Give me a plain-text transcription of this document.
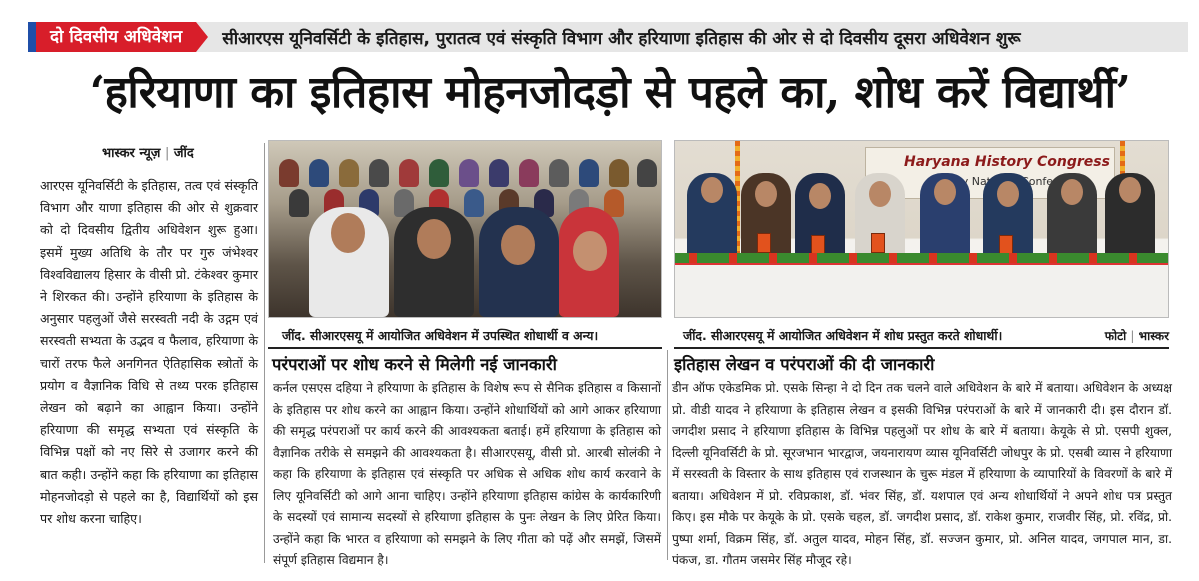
दो दिवसीय अधिवेशन	सीआरएस यूनिवर्सिटी के इतिहास, पुरातत्व एवं संस्कृति विभाग और हरियाणा इतिहास की ओर से दो दिवसीय दूसरा अधिवेशन शुरू
‘हरियाणा का इतिहास मोहनजोदड़ो से पहले का, शोध करें विद्यार्थी’
भास्कर न्यूज़ | जींद

आरएस यूनिवर्सिटी के इतिहास, तत्व एवं संस्कृति विभाग और याणा इतिहास की ओर से शुक्रवार को दो दिवसीय द्वितीय अधिवेशन शुरू हुआ। इसमें मुख्य अतिथि के तौर पर गुरु जंभेश्वर विश्वविद्यालय हिसार के वीसी प्रो. टंकेश्वर कुमार ने शिरकत की। उन्होंने हरियाणा के इतिहास के अनुसार पहलुओं जैसे सरस्वती नदी के उद्गम एवं सरस्वती सभ्यता के उद्भव व फैलाव, हरियाणा के चारों तरफ फैले अनगिनत ऐतिहासिक स्त्रोतों के प्रयोग व वैज्ञानिक विधि से तथ्य परक इतिहास लेखन को बढ़ाने का आह्वान किया। उन्होंने हरियाणा की समृद्ध सभ्यता एवं संस्कृति के विभिन्न पक्षों को नए सिरे से उजागर करने की बात कही। उन्होंने कहा कि हरियाणा का इतिहास मोहनजोदड़ो से पहले का है, विद्यार्थियों को इस पर शोध करना चाहिए।

Haryana History Congress
जींद. सीआरएसयू में आयोजित अधिवेशन में उपस्थित शोधार्थी व अन्य।	जींद. सीआरएसयू में आयोजित अधिवेशन में शोध प्रस्तुत करते शोधार्थी।	फोटो | भास्कर
परंपराओं पर शोध करने से मिलेगी नई जानकारी

कर्नल एसएस दहिया ने हरियाणा के इतिहास के विशेष रूप से सैनिक इतिहास व किसानों के इतिहास पर शोध करने का आह्वान किया। उन्होंने शोधार्थियों को आगे आकर हरियाणा की समृद्ध परंपराओं पर कार्य करने की आवश्यकता बताई। हमें हरियाणा के इतिहास को वैज्ञानिक तरीके से समझने की आवश्यकता है। सीआरएसयू, वीसी प्रो. आरबी सोलंकी ने कहा कि हरियाणा के इतिहास एवं संस्कृति पर अधिक से अधिक शोध कार्य करवाने के लिए यूनिवर्सिटी को आगे आना चाहिए। उन्होंने हरियाणा इतिहास कांग्रेस के कार्यकारिणी के सदस्यों एवं सामान्य सदस्यों से हरियाणा इतिहास के पुनः लेखन के लिए प्रेरित किया। उन्होंने कहा कि भारत व हरियाणा को समझने के लिए गीता को पढ़ें और समझें, जिसमें संपूर्ण इतिहास विद्यमान है।

इतिहास लेखन व परंपराओं की दी जानकारी

डीन ऑफ एकेडमिक प्रो. एसके सिन्हा ने दो दिन तक चलने वाले अधिवेशन के बारे में बताया। अधिवेशन के अध्यक्ष प्रो. वीडी यादव ने हरियाणा के इतिहास लेखन व इसकी विभिन्न परंपराओं के बारे में जानकारी दी। इस दौरान डॉ. जगदीश प्रसाद ने हरियाणा इतिहास के विभिन्न पहलुओं पर शोध के बारे में बताया। केयूके से प्रो. एसपी शुक्ल, दिल्ली यूनिवर्सिटी के प्रो. सूरजभान भारद्वाज, जयनारायण व्यास यूनिवर्सिटी जोधपुर के प्रो. एसबी व्यास ने हरियाणा में सरस्वती के विस्तार के साथ इतिहास एवं राजस्थान के चुरू मंडल में हरियाणा के व्यापारियों के विवरणों के बारे में बताया। अधिवेशन में प्रो. रविप्रकाश, डॉ. भंवर सिंह, डॉ. यशपाल एवं अन्य शोधार्थियों ने अपने शोध पत्र प्रस्तुत किए। इस मौके पर केयूके के प्रो. एसके चहल, डॉ. जगदीश प्रसाद, डॉ. राकेश कुमार, राजवीर सिंह, प्रो. रविंद्र, प्रो. पुष्पा शर्मा, विक्रम सिंह, डॉ. अतुल यादव, मोहन सिंह, डॉ. सज्जन कुमार, प्रो. अनिल यादव, जगपाल मान, डा. पंकज, डा. गौतम जसमेर सिंह मौजूद रहे।
